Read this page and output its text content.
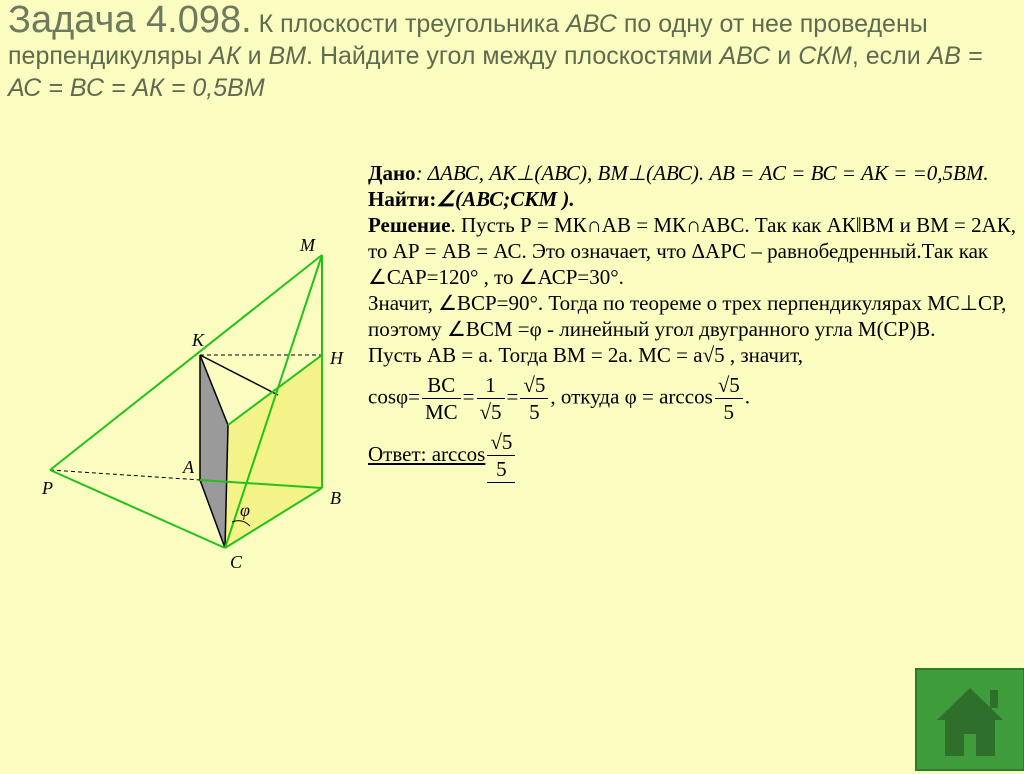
Задача 4.098. К плоскости треугольника АВС по одну от нее проведены перпендикуляры АК и ВМ. Найдите угол между плоскостями АВС и СКМ, если АВ = АС = ВС = АК = 0,5ВМ
M
K
H
A
P	B
φ
C

Дано: ΔАВС, АК⊥(АВС), ВМ⊥(АВС). АВ = АС = ВС = АК = =0,5ВМ.

Найти:∠(АВС;СКМ ).

Решение. Пусть Р = МК∩АВ = МК∩АВС. Так как АК‖ВМ и ВМ = 2АК, то АР = АВ = АС. Это означает, что ΔАРС – равнобедренный.Так как ∠САР=120° , то ∠АСР=30°.

Значит, ∠ВСР=90°. Тогда по теореме о трех перпендикулярах МС⊥СР, поэтому ∠ВСМ =φ - линейный угол двугранного угла М(СР)В.

Пусть АВ = a. Тогда ВМ = 2a. МС = a√5 , значит,

$\cos\varphi= \frac{BC}{MC} = \frac{1}{√5} = \frac{√5}{5}$ , откуда $\varphi = \arccos \frac{√5}{5}$ .

Ответ: $\arccos \frac{√5}{5}$
